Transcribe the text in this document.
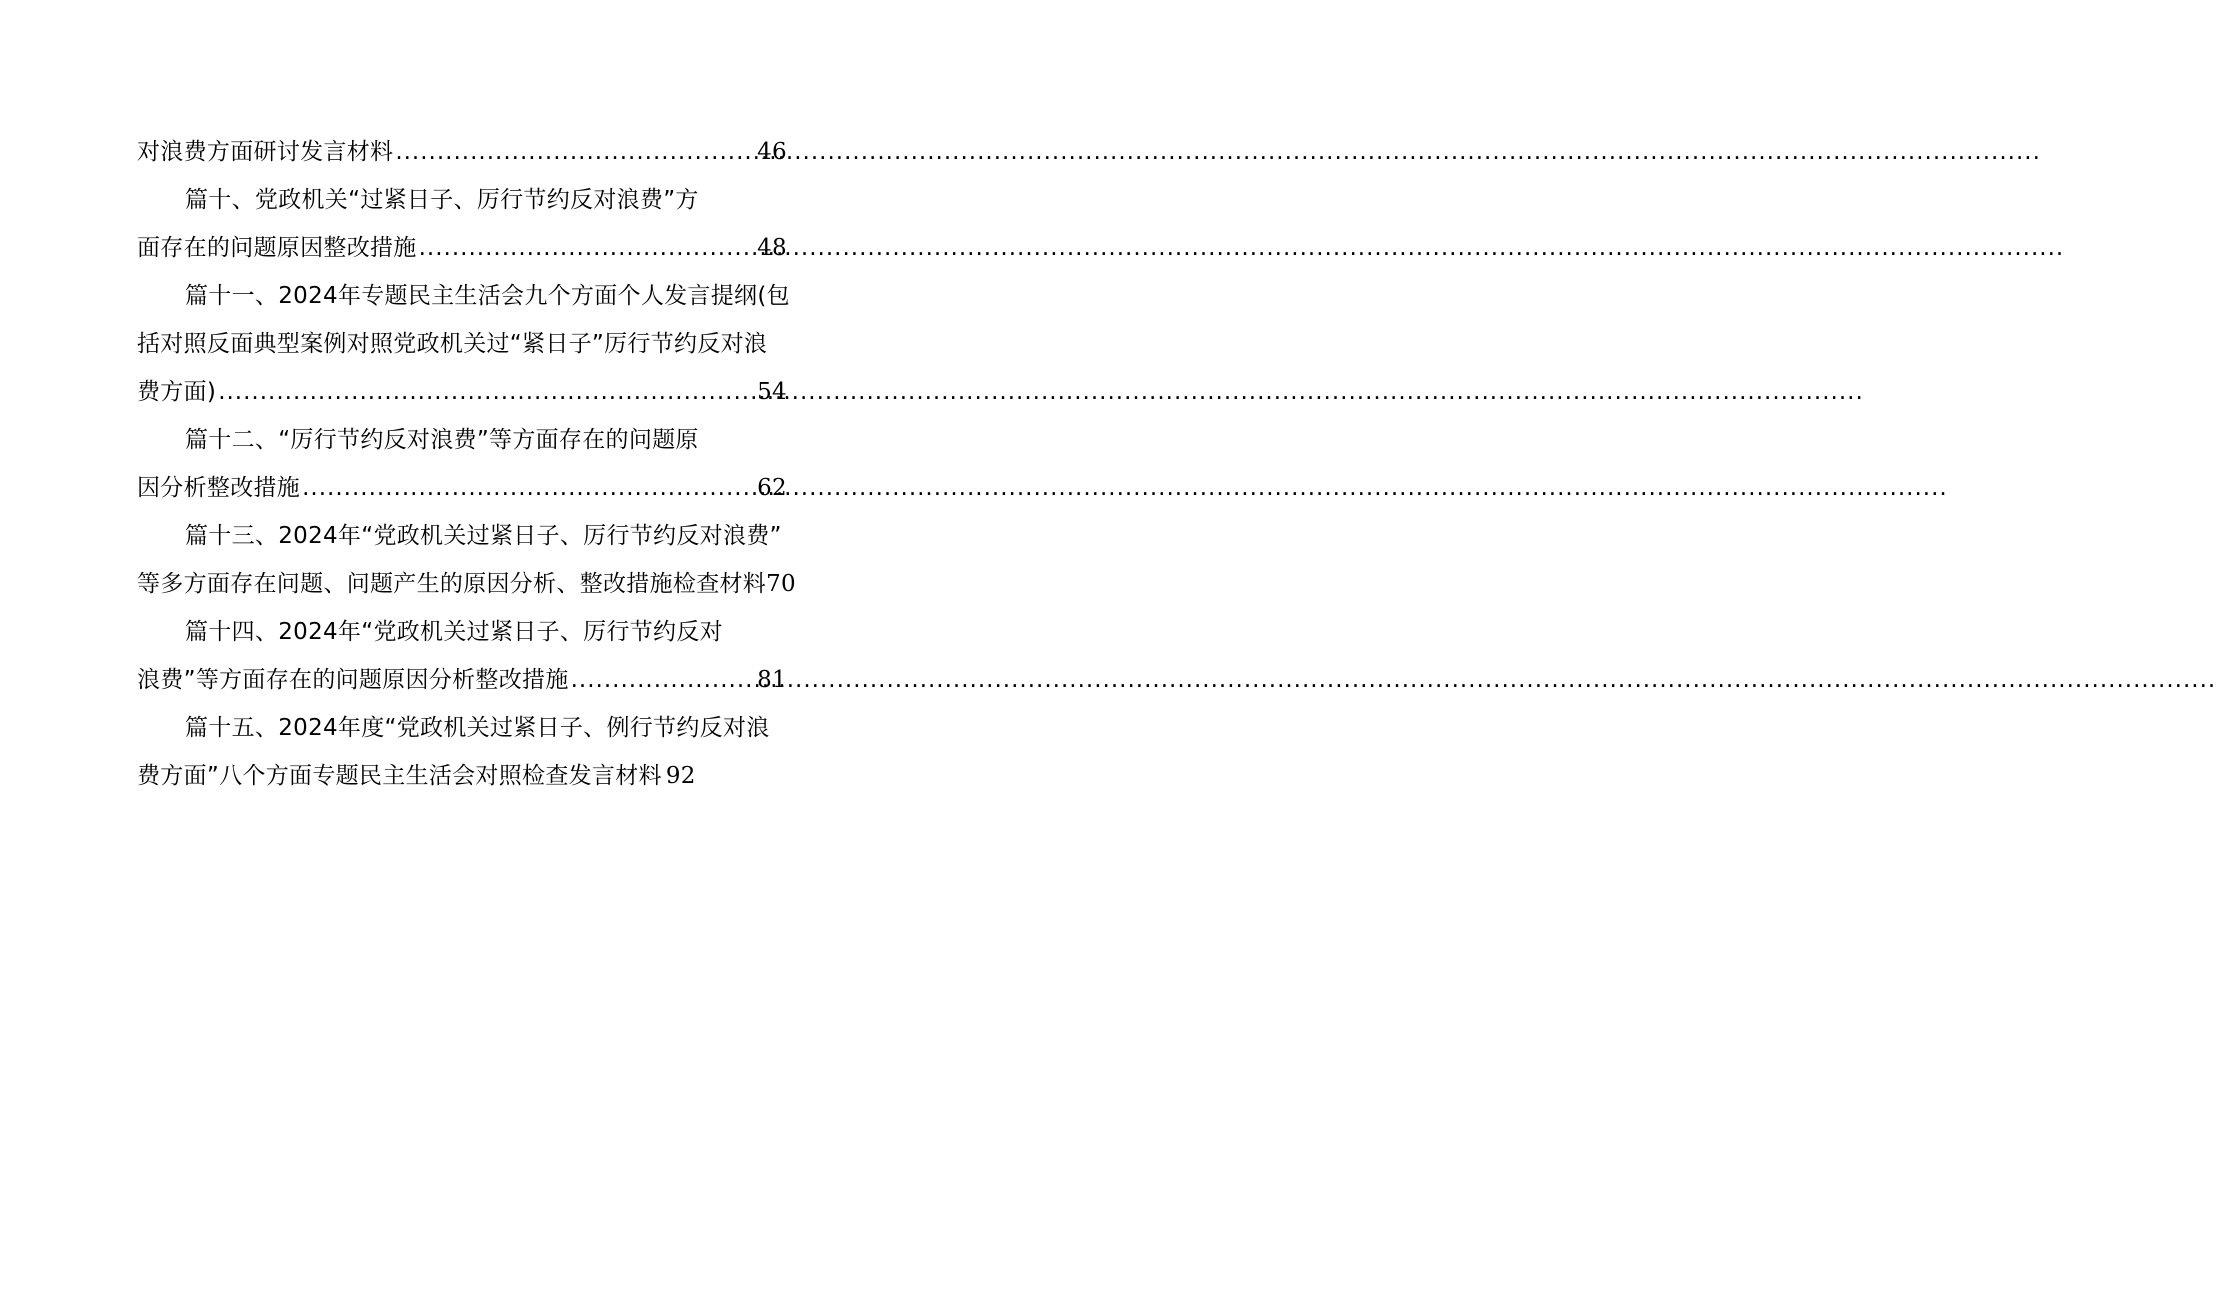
对浪费方面研讨发言材料 .....	46
篇十、党政机关“过紧日子、厉行节约反对浪费”方
面存在的问题原因整改措施 .....	48
篇十一、2024年专题民主生活会九个方面个人发言提纲(包
括对照反面典型案例对照党政机关过“紧日子”厉行节约反对浪
费方面) .....	54
篇十二、“厉行节约反对浪费”等方面存在的问题原
因分析整改措施 .....	62
篇十三、2024年“党政机关过紧日子、厉行节约反对浪费”
等多方面存在问题、问题产生的原因分析、整改措施检查材料 70
篇十四、2024年“党政机关过紧日子、厉行节约反对
浪费”等方面存在的问题原因分析整改措施 .....	81
篇十五、2024年度“党政机关过紧日子、例行节约反对浪
费方面”八个方面专题民主生活会对照检查发言材料 92
